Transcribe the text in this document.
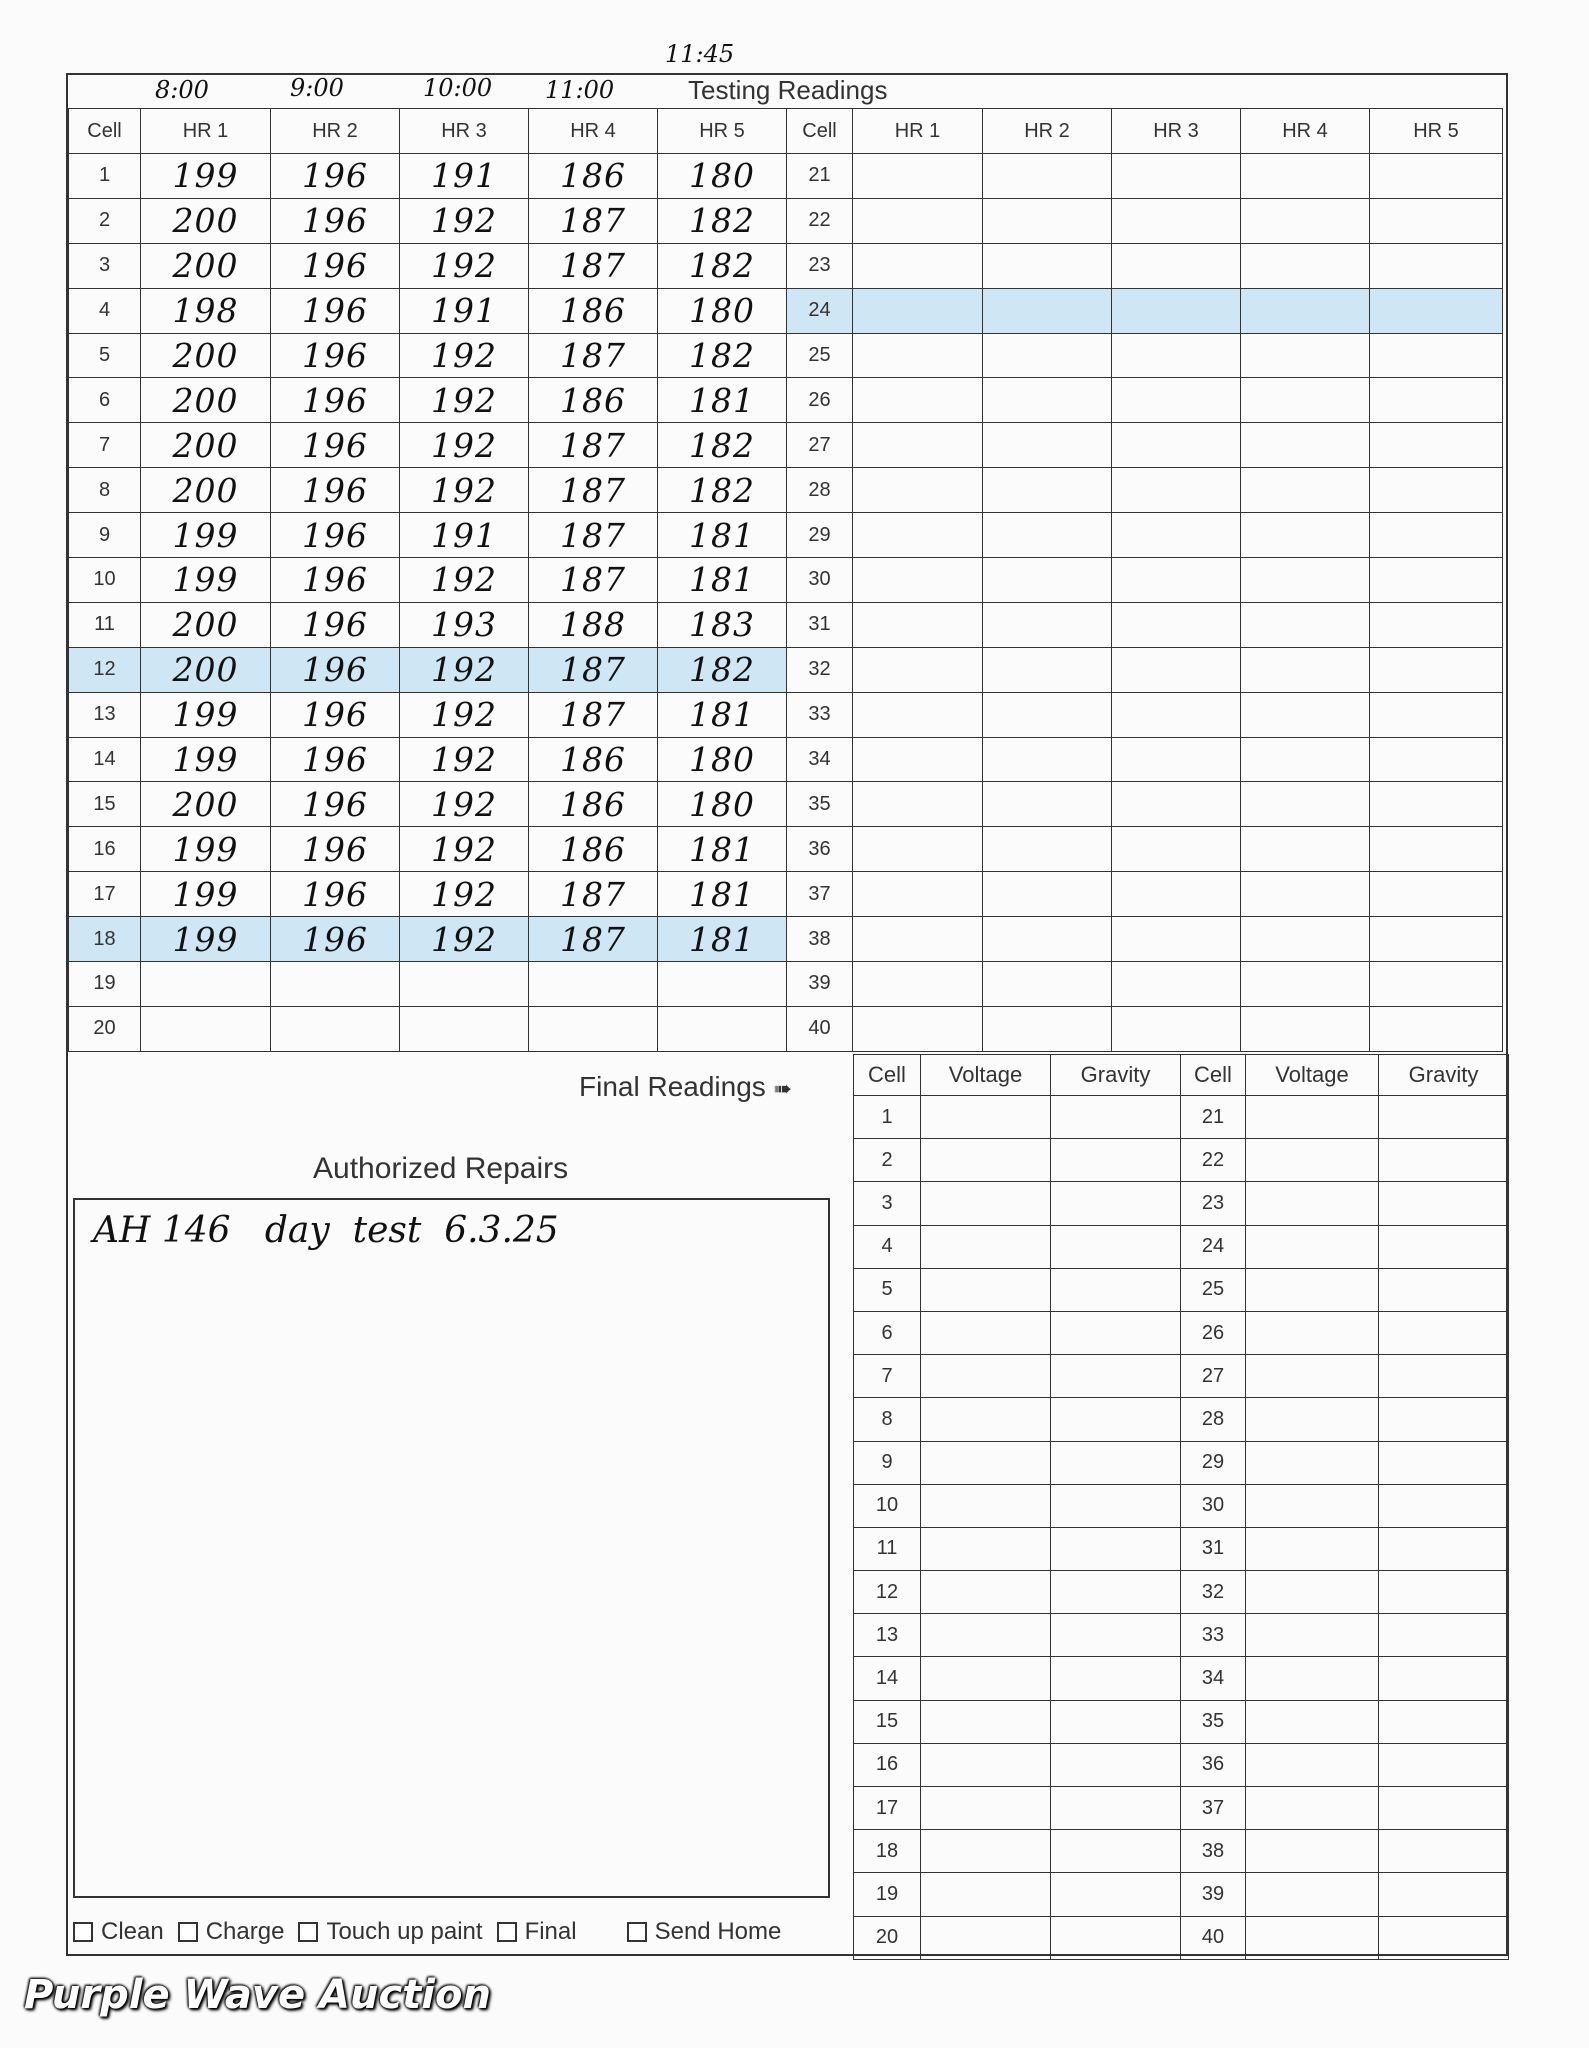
8:00	9:00	10:00 11:00
11:45
Testing Readings
Cell	HR 1	HR 2	HR 3	HR 4	HR 5	Cell	HR 1	HR 2	HR 3	HR 4	HR 5
1	199	196	191	186	180	21					
2	200	196	192	187	182	22					
3	200	196	192	187	182	23					
4	198	196	191	186	180	24					
5	200	196	192	187	182	25					
6	200	196	192	186	181	26					
7	200	196	192	187	182	27					
8	200	196	192	187	182	28					
9	199	196	191	187	181	29					
10	199	196	192	187	181	30					
11	200	196	193	188	183	31					
12	200	196	192	187	182	32					
13	199	196	192	187	181	33					
14	199	196	192	186	180	34					
15	200	196	192	186	180	35					
16	199	196	192	186	181	36					
17	199	196	192	187	181	37					
18	199	196	192	187	181	38					
19						39					
20						40					
Final Readings ➠
Cell	Voltage	Gravity	Cell	Voltage	Gravity
1			21		
2			22		
3			23		
4			24		
5			25		
6			26		
7			27		
8			28		
9			29		
10			30		
11			31		
12			32		
13			33		
14			34		
15			35		
16			36		
17			37		
18			38		
19			39		
20			40		
Authorized Repairs
AH 146   day  test  6.3.25
Clean Charge Touch up paint Final	Send Home
Purple Wave Auction
